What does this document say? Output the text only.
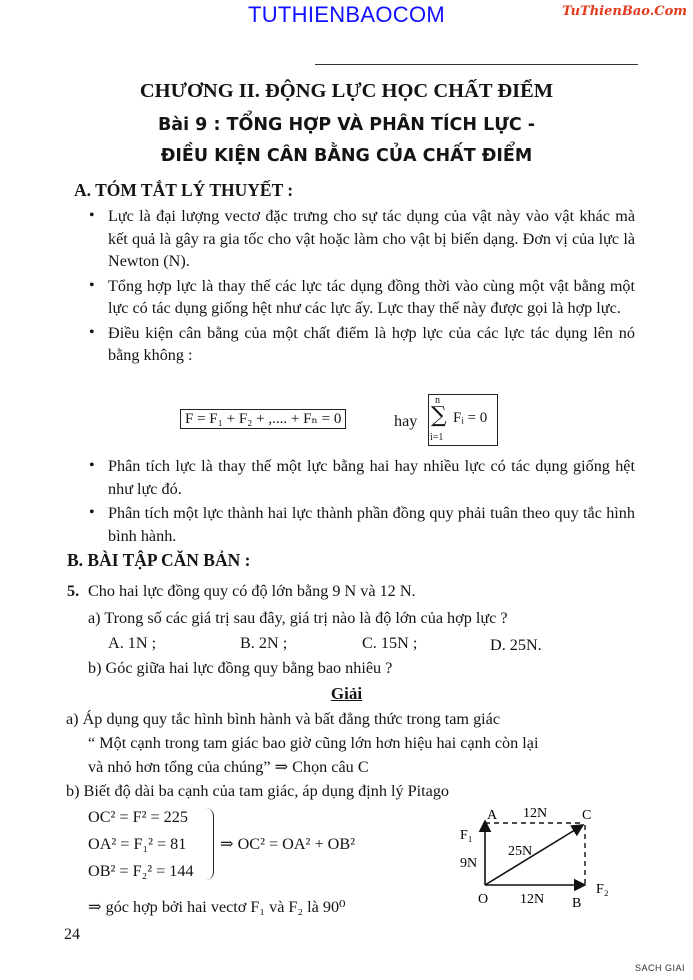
TUTHIENBAOCOM	TuThienBao.Com
CHƯƠNG II. ĐỘNG LỰC HỌC CHẤT ĐIỂM
Bài 9 : TỔNG HỢP VÀ PHÂN TÍCH LỰC -
ĐIỀU KIỆN CÂN BẰNG CỦA CHẤT ĐIỂM
A. TÓM TẮT LÝ THUYẾT :
• Lực là đại lượng vectơ đặc trưng cho sự tác dụng của vật này vào vật khác mà kết quả là gây ra gia tốc cho vật hoặc làm cho vật bị biến dạng. Đơn vị của lực là Newton (N).
• Tổng hợp lực là thay thế các lực tác dụng đồng thời vào cùng một vật bằng một lực có tác dụng giống hệt như các lực ấy. Lực thay thế này được gọi là hợp lực.
• Điều kiện cân bằng của một chất điểm là hợp lực của các lực tác dụng lên nó bằng không :
F = F₁ + F₂ + ,.... + Fₙ = 0	hay
n
∑
i=1
Fᵢ = 0
• Phân tích lực là thay thế một lực bằng hai hay nhiều lực có tác dụng giống hệt như lực đó.
• Phân tích một lực thành hai lực thành phần đồng quy phải tuân theo quy tắc hình bình hành.
B. BÀI TẬP CĂN BẢN :
5. Cho hai lực đồng quy có độ lớn bằng 9 N và 12 N.
a) Trong số các giá trị sau đây, giá trị nào là độ lớn của hợp lực ?
A. 1N ;	B. 2N ;	C. 15N ;	D. 25N.
b) Góc giữa hai lực đồng quy bằng bao nhiêu ?
Giải
a) Áp dụng quy tắc hình bình hành và bất đẳng thức trong tam giác
“ Một cạnh trong tam giác bao giờ cũng lớn hơn hiệu hai cạnh còn lại
và nhỏ hơn tổng của chúng” ⇒ Chọn câu C
b) Biết độ dài ba cạnh của tam giác, áp dụng định lý Pitago
OC² = F² = 225
OA² = F₁² = 81
OB² = F₂² = 144
⇒ OC² = OA² + OB²
⇒ góc hợp bởi hai vectơ F₁ và F₂ là 90⁰
A	C
O	B
12N
25N
9N
12N
F₁
F₂
24
SACH GIAI
